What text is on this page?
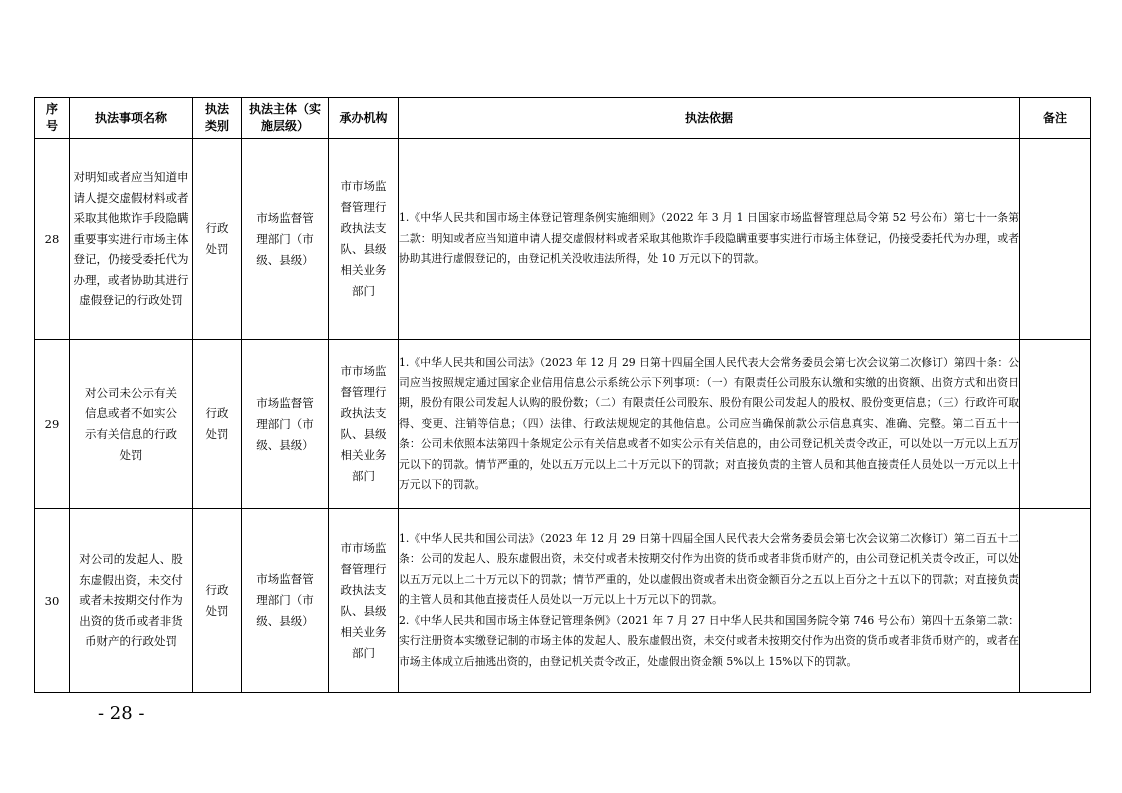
序号	执法事项名称	执法类别	执法主体（实施层级）	承办机构	执法依据	备注
28	对明知或者应当知道申请人提交虚假材料或者采取其他欺诈手段隐瞒重要事实进行市场主体登记，仍接受委托代为办理，或者协助其进行虚假登记的行政处罚	行政处罚	市场监督管理部门（市级、县级）	市市场监督管理行政执法支队、县级相关业务部门	1.《中华人民共和国市场主体登记管理条例实施细则》（2022 年 3 月 1 日国家市场监督管理总局令第 52 号公布）第七十一条第二款：明知或者应当知道申请人提交虚假材料或者采取其他欺诈手段隐瞒重要事实进行市场主体登记，仍接受委托代为办理，或者协助其进行虚假登记的，由登记机关没收违法所得，处 10 万元以下的罚款。	

29	对公司未公示有关信息或者不如实公示有关信息的行政处罚	行政处罚	市场监督管理部门（市级、县级）	市市场监督管理行政执法支队、县级相关业务部门	1.《中华人民共和国公司法》（2023 年 12 月 29 日第十四届全国人民代表大会常务委员会第七次会议第二次修订）第四十条：公司应当按照规定通过国家企业信用信息公示系统公示下列事项：（一）有限责任公司股东认缴和实缴的出资额、出资方式和出资日期，股份有限公司发起人认购的股份数；（二）有限责任公司股东、股份有限公司发起人的股权、股份变更信息；（三）行政许可取得、变更、注销等信息；（四）法律、行政法规规定的其他信息。公司应当确保前款公示信息真实、准确、完整。第二百五十一条：公司未依照本法第四十条规定公示有关信息或者不如实公示有关信息的，由公司登记机关责令改正，可以处以一万元以上五万元以下的罚款。情节严重的，处以五万元以上二十万元以下的罚款；对直接负责的主管人员和其他直接责任人员处以一万元以上十万元以下的罚款。	

30	对公司的发起人、股东虚假出资，未交付或者未按期交付作为出资的货币或者非货币财产的行政处罚	行政处罚	市场监督管理部门（市级、县级）	市市场监督管理行政执法支队、县级相关业务部门	1.《中华人民共和国公司法》（2023 年 12 月 29 日第十四届全国人民代表大会常务委员会第七次会议第二次修订）第二百五十二条：公司的发起人、股东虚假出资，未交付或者未按期交付作为出资的货币或者非货币财产的，由公司登记机关责令改正，可以处以五万元以上二十万元以下的罚款；情节严重的，处以虚假出资或者未出资金额百分之五以上百分之十五以下的罚款；对直接负责的主管人员和其他直接责任人员处以一万元以上十万元以下的罚款。

2.《中华人民共和国市场主体登记管理条例》（2021 年 7 月 27 日中华人民共和国国务院令第 746 号公布）第四十五条第二款：实行注册资本实缴登记制的市场主体的发起人、股东虚假出资，未交付或者未按期交付作为出资的货币或者非货币财产的，或者在市场主体成立后抽逃出资的，由登记机关责令改正，处虚假出资金额 5%以上 15%以下的罚款。	

- 28 -
